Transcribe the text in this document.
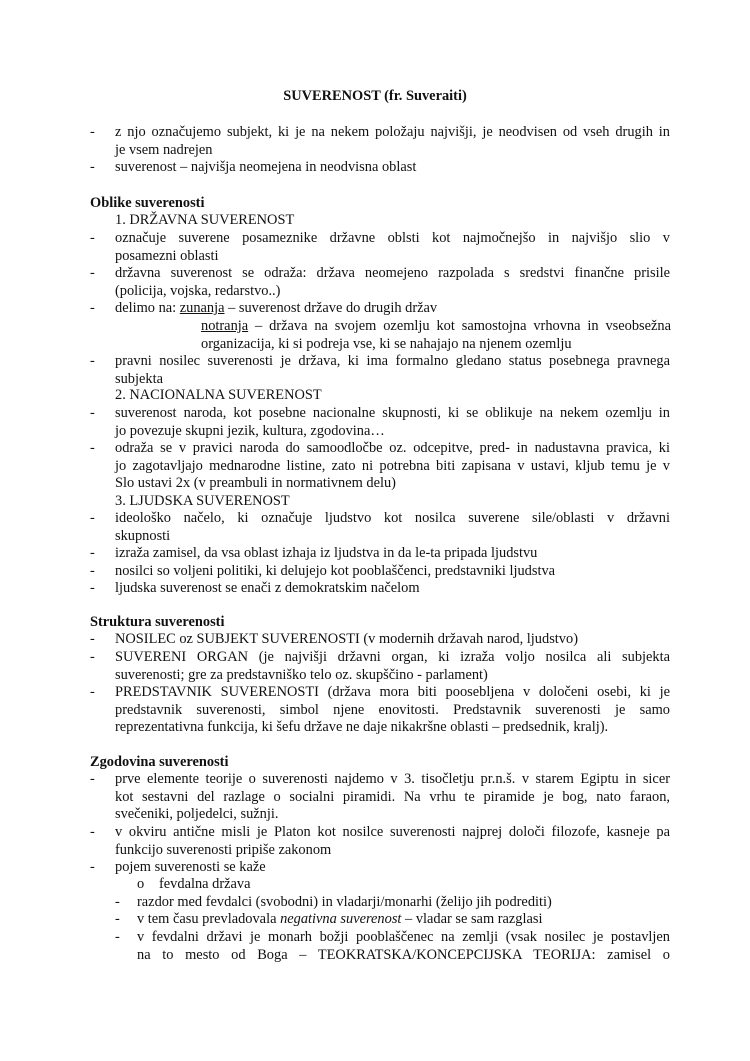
SUVERENOST (fr. Suveraiti)
- z njo označujemo subjekt, ki je na nekem položaju najvišji, je neodvisen od vseh drugih in
je vsem nadrejen
- suverenost – najvišja neomejena in neodvisna oblast
Oblike suverenosti
1. DRŽAVNA SUVERENOST
- označuje suverene posameznike državne oblsti kot najmočnejšo in najvišjo slio v
posamezni oblasti
- državna suverenost se odraža: država neomejeno razpolada s sredstvi finančne prisile
(policija, vojska, redarstvo..)
- delimo na: zunanja – suverenost države do drugih držav
notranja – država na svojem ozemlju kot samostojna vrhovna in vseobsežna
organizacija, ki si podreja vse, ki se nahajajo na njenem ozemlju
- pravni nosilec suverenosti je država, ki ima formalno gledano status posebnega pravnega
subjekta
2. NACIONALNA SUVERENOST
- suverenost naroda, kot posebne nacionalne skupnosti, ki se oblikuje na nekem ozemlju in
jo povezuje skupni jezik, kultura, zgodovina…
- odraža se v pravici naroda do samoodločbe oz. odcepitve, pred- in nadustavna pravica, ki
jo zagotavljajo mednarodne listine, zato ni potrebna biti zapisana v ustavi, kljub temu je v
Slo ustavi 2x (v preambuli in normativnem delu)
3. LJUDSKA SUVERENOST
- ideološko načelo, ki označuje ljudstvo kot nosilca suverene sile/oblasti v državni
skupnosti
- izraža zamisel, da vsa oblast izhaja iz ljudstva in da le-ta pripada ljudstvu
- nosilci so voljeni politiki, ki delujejo kot pooblaščenci, predstavniki ljudstva
- ljudska suverenost se enači z demokratskim načelom
Struktura suverenosti
- NOSILEC oz SUBJEKT SUVERENOSTI (v modernih državah narod, ljudstvo)
- SUVERENI ORGAN (je najvišji državni organ, ki izraža voljo nosilca ali subjekta
suverenosti; gre za predstavniško telo oz. skupščino - parlament)
- PREDSTAVNIK SUVERENOSTI (država mora biti poosebljena v določeni osebi, ki je
predstavnik suverenosti, simbol njene enovitosti. Predstavnik suverenosti je samo
reprezentativna funkcija, ki šefu države ne daje nikakršne oblasti – predsednik, kralj).
Zgodovina suverenosti
- prve elemente teorije o suverenosti najdemo v 3. tisočletju pr.n.š. v starem Egiptu in sicer
kot sestavni del razlage o socialni piramidi. Na vrhu te piramide je bog, nato faraon,
svečeniki, poljedelci, sužnji.
- v okviru antične misli je Platon kot nosilce suverenosti najprej določi filozofe, kasneje pa
funkcijo suverenosti pripiše zakonom
- pojem suverenosti se kaže
o fevdalna država
- razdor med fevdalci (svobodni) in vladarji/monarhi (želijo jih podrediti)
- v tem času prevladovala negativna suverenost – vladar se sam razglasi
- v fevdalni državi je monarh božji pooblaščenec na zemlji (vsak nosilec je postavljen
na to mesto od Boga – TEOKRATSKA/KONCEPCIJSKA TEORIJA: zamisel o
